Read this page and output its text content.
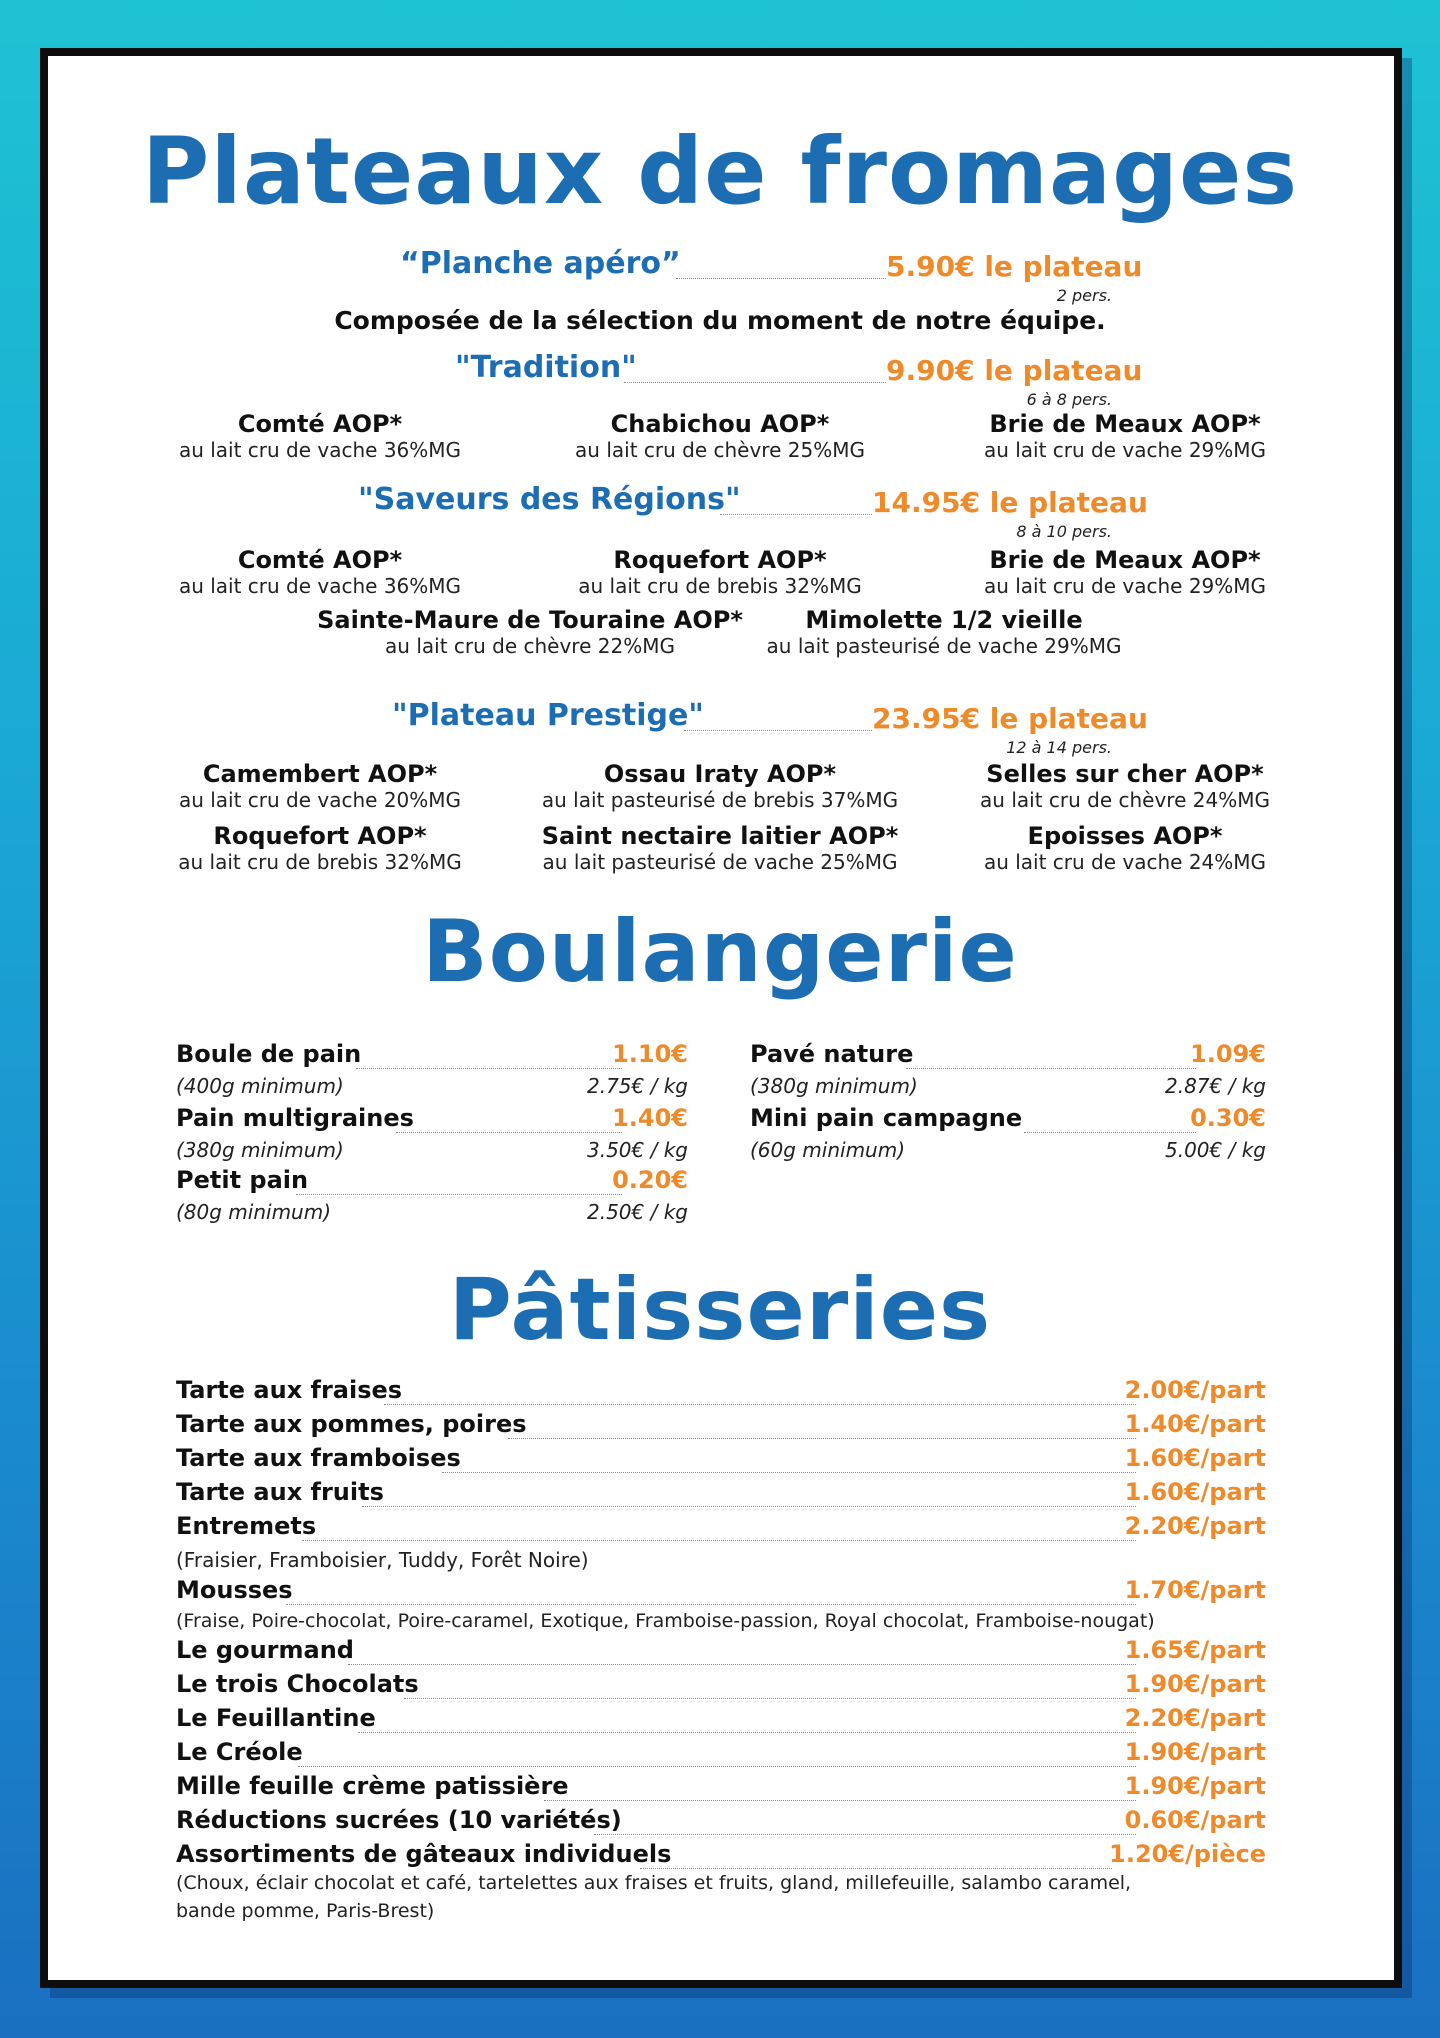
Plateaux de fromages
“Planche apéro”	5.90€ le plateau
2 pers.
Composée de la sélection du moment de notre équipe.
"Tradition"	9.90€ le plateau
6 à 8 pers.
Comté AOP*
au lait cru de vache 36%MG
Chabichou AOP*
au lait cru de chèvre 25%MG
Brie de Meaux AOP*
au lait cru de vache 29%MG
"Saveurs des Régions"	14.95€ le plateau
8 à 10 pers.
Comté AOP*
au lait cru de vache 36%MG
Roquefort AOP*
au lait cru de brebis 32%MG
Brie de Meaux AOP*
au lait cru de vache 29%MG
Sainte-Maure de Touraine AOP*
au lait cru de chèvre 22%MG
Mimolette 1/2 vieille
au lait pasteurisé de vache 29%MG
"Plateau Prestige"	23.95€ le plateau
12 à 14 pers.
Camembert AOP*
au lait cru de vache 20%MG
Ossau Iraty AOP*
au lait pasteurisé de brebis 37%MG
Selles sur cher AOP*
au lait cru de chèvre 24%MG
Roquefort AOP*
au lait cru de brebis 32%MG
Saint nectaire laitier AOP*
au lait pasteurisé de vache 25%MG
Epoisses AOP*
au lait cru de vache 24%MG
Boulangerie
Boule de pain	1.10€
(400g minimum)	2.75€ / kg
Pain multigraines	1.40€
(380g minimum)	3.50€ / kg
Petit pain	0.20€
(80g minimum)	2.50€ / kg
Pavé nature	1.09€
(380g minimum)	2.87€ / kg
Mini pain campagne	0.30€
(60g minimum)	5.00€ / kg
Pâtisseries
Tarte aux fraises	2.00€/part
Tarte aux pommes, poires	1.40€/part
Tarte aux framboises	1.60€/part
Tarte aux fruits	1.60€/part
Entremets	2.20€/part
(Fraisier, Framboisier, Tuddy, Forêt Noire)
Mousses	1.70€/part
(Fraise, Poire-chocolat, Poire-caramel, Exotique, Framboise-passion, Royal chocolat, Framboise-nougat)
Le gourmand	1.65€/part
Le trois Chocolats	1.90€/part
Le Feuillantine	2.20€/part
Le Créole	1.90€/part
Mille feuille crème patissière	1.90€/part
Réductions sucrées (10 variétés)	0.60€/part
Assortiments de gâteaux individuels	1.20€/pièce
(Choux, éclair chocolat et café, tartelettes aux fraises et fruits, gland, millefeuille, salambo caramel,
bande pomme, Paris-Brest)
